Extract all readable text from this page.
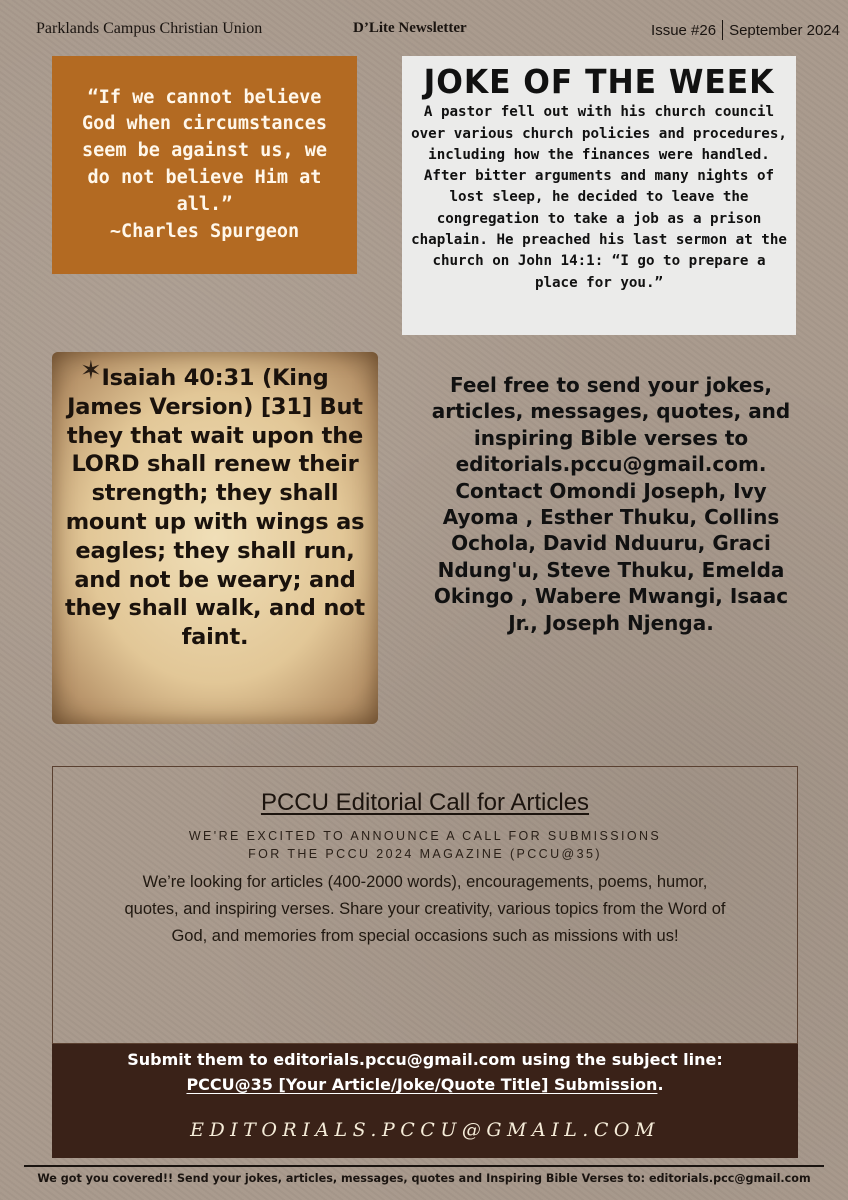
Parklands Campus Christian Union	D’Lite Newsletter	Issue #26 September 2024
“If we cannot believe
God when circumstances
seem be against us, we
do not believe Him at
all.”
~Charles Spurgeon
JOKE OF THE WEEK

A pastor fell out with his church council over various church policies and procedures, including how the finances were handled. After bitter arguments and many nights of lost sleep, he decided to leave the congregation to take a job as a prison chaplain. He preached his last sermon at the church on John 14:1: “I go to prepare a place for you.”

Isaiah 40:31 (King James Version) [31] But they that wait upon the LORD shall renew their strength; they shall mount up with wings as eagles; they shall run, and not be weary; and they shall walk, and not faint.

✶	Feel free to send your jokes, articles, messages, quotes, and inspiring Bible verses to editorials.pccu@gmail.com. Contact Omondi Joseph, Ivy Ayoma , Esther Thuku, Collins Ochola, David Nduuru, Graci Ndung'u, Steve Thuku, Emelda Okingo , Wabere Mwangi, Isaac Jr., Joseph Njenga.

PCCU Editorial Call for Articles
WE'RE EXCITED TO ANNOUNCE A CALL FOR SUBMISSIONS
FOR THE PCCU 2024 MAGAZINE (PCCU@35)

We’re looking for articles (400-2000 words), encouragements, poems, humor, quotes, and inspiring verses. Share your creativity, various topics from the Word of God, and memories from special occasions such as missions with us!

Submit them to editorials.pccu@gmail.com using the subject line:
PCCU@35 [Your Article/Joke/Quote Title] Submission.
EDITORIALS.PCCU@GMAIL.COM
We got you covered!! Send your jokes, articles, messages, quotes and Inspiring Bible Verses to: editorials.pcc@gmail.com
